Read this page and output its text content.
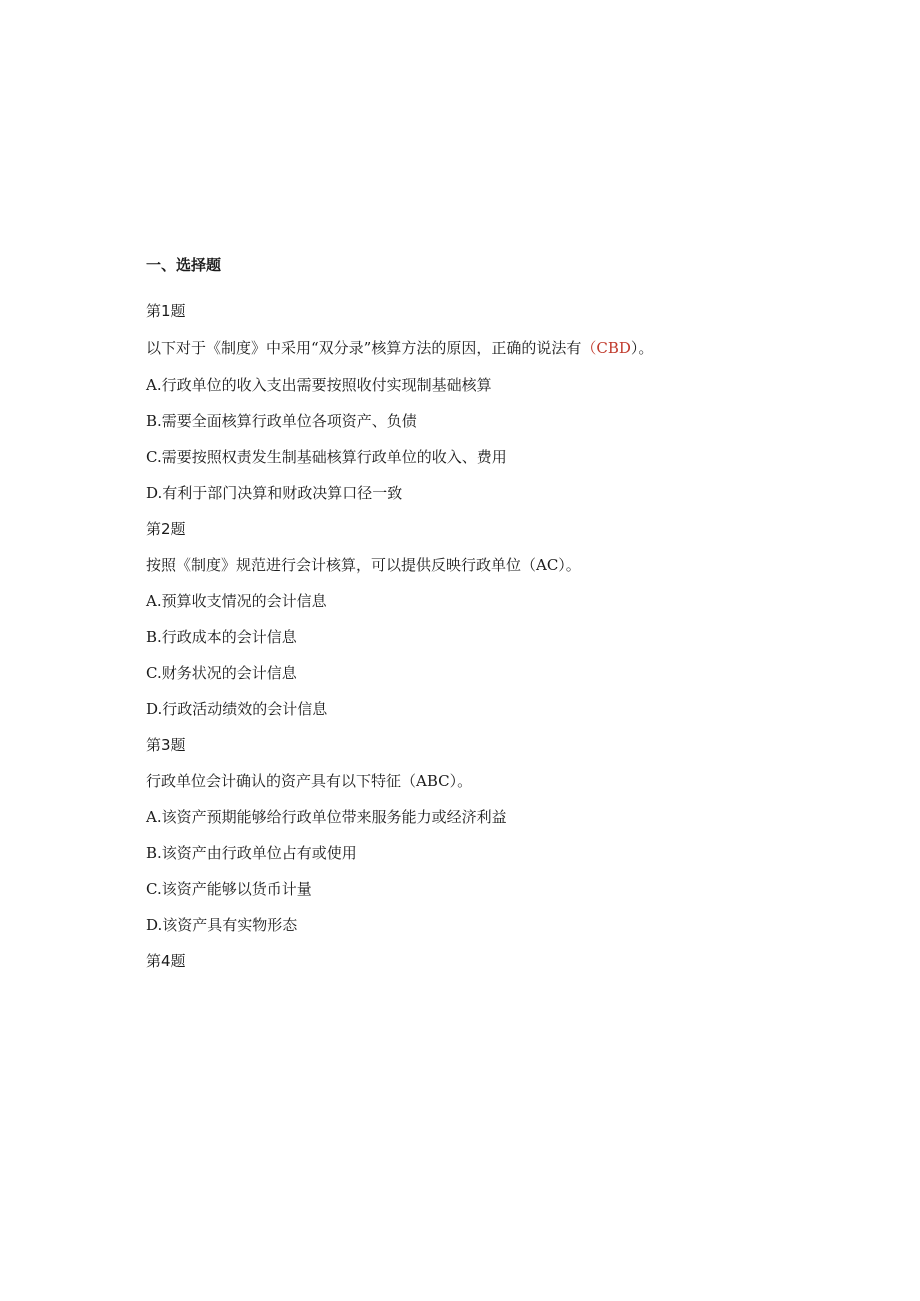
一、选择题
第1题
以下对于《制度》中采用“双分录”核算方法的原因，正确的说法有（CBD）。
A.行政单位的收入支出需要按照收付实现制基础核算
B.需要全面核算行政单位各项资产、负债
C.需要按照权责发生制基础核算行政单位的收入、费用
D.有利于部门决算和财政决算口径一致
第2题
按照《制度》规范进行会计核算，可以提供反映行政单位（AC）。
A.预算收支情况的会计信息
B.行政成本的会计信息
C.财务状况的会计信息
D.行政活动绩效的会计信息
第3题
行政单位会计确认的资产具有以下特征（ABC）。
A.该资产预期能够给行政单位带来服务能力或经济利益
B.该资产由行政单位占有或使用
C.该资产能够以货币计量
D.该资产具有实物形态
第4题
